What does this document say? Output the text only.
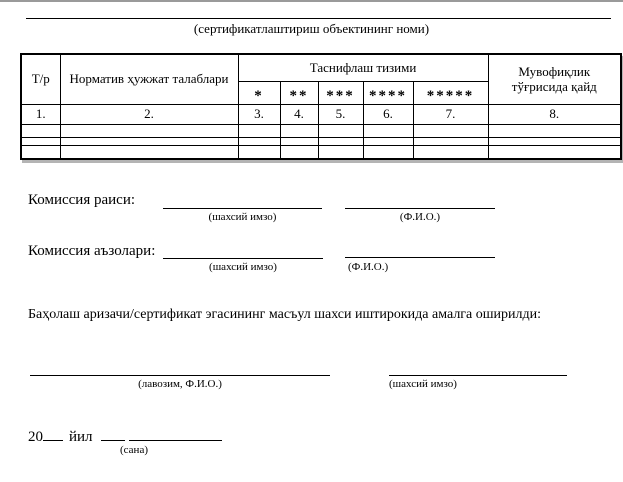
(сертификатлаштириш объектининг номи)
Т/р	Норматив ҳужжат талаблари	Таснифлаш тизими					Мувофиқлик тўғрисида қайд
		*	**	***	****	*****	
1.	2.	3.	4.	5.	6.	7.	8.

Комиссия раиси:
(шахсий имзо)	(Ф.И.О.)
Комиссия аъзолари:
(шахсий имзо)	(Ф.И.О.)
Баҳолаш аризачи/сертификат эгасининг масъул шахси иштирокида амалга оширилди:
(лавозим, Ф.И.О.)	(шахсий имзо)
20 йил
(сана)
